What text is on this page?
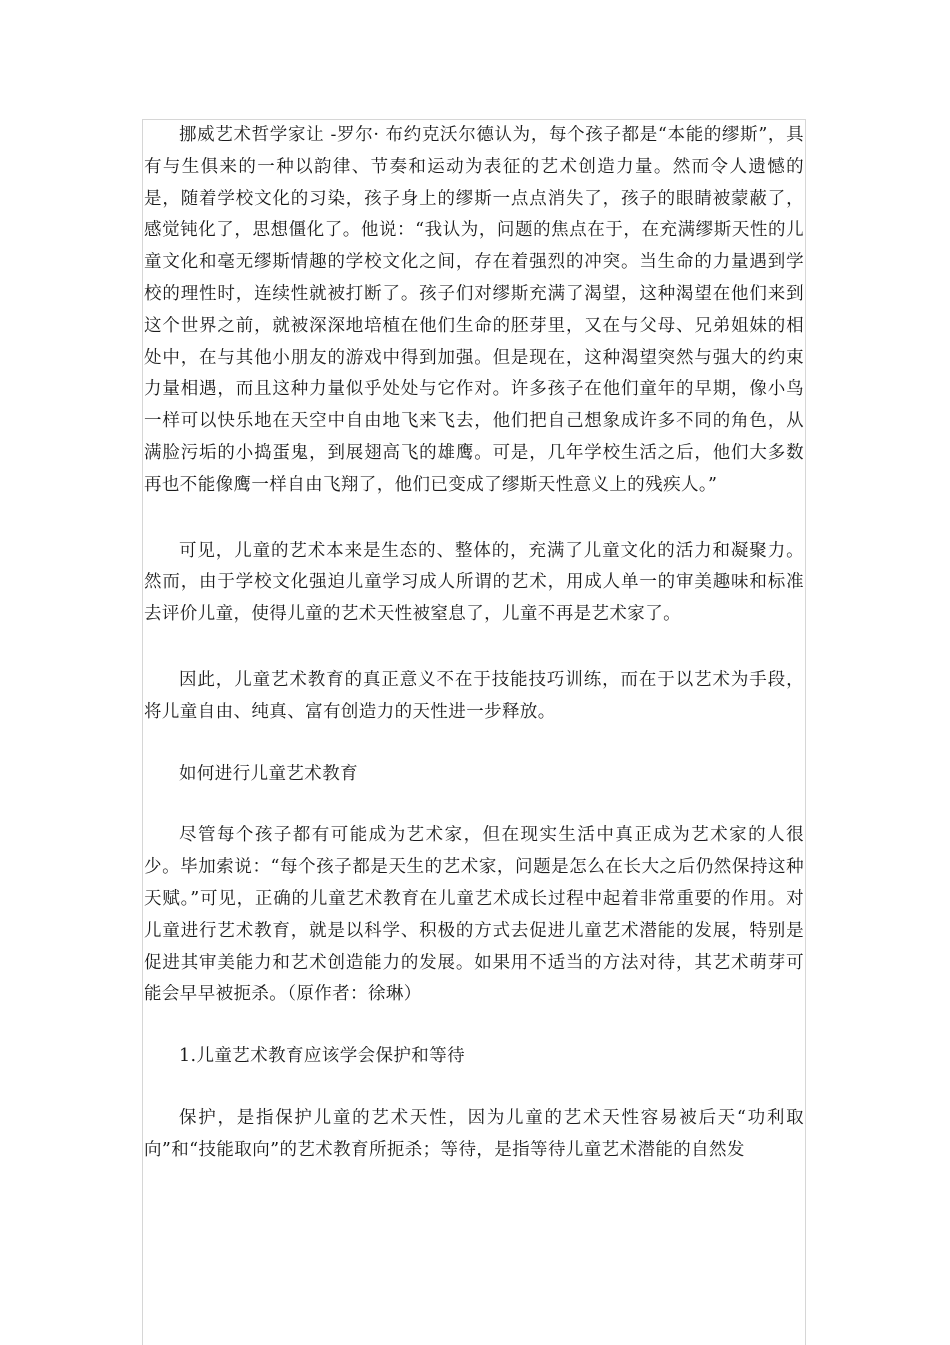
挪威艺术哲学家让 -罗尔· 布约克沃尔德认为，每个孩子都是“本能的缪斯”，具有与生俱来的一种以韵律、节奏和运动为表征的艺术创造力量。然而令人遗憾的是，随着学校文化的习染，孩子身上的缪斯一点点消失了，孩子的眼睛被蒙蔽了，感觉钝化了，思想僵化了。他说：“我认为，问题的焦点在于，在充满缪斯天性的儿童文化和毫无缪斯情趣的学校文化之间，存在着强烈的冲突。当生命的力量遇到学校的理性时，连续性就被打断了。孩子们对缪斯充满了渴望，这种渴望在他们来到这个世界之前，就被深深地培植在他们生命的胚芽里，又在与父母、兄弟姐妹的相处中，在与其他小朋友的游戏中得到加强。但是现在，这种渴望突然与强大的约束力量相遇，而且这种力量似乎处处与它作对。许多孩子在他们童年的早期，像小鸟一样可以快乐地在天空中自由地飞来飞去，他们把自己想象成许多不同的角色，从满脸污垢的小捣蛋鬼，到展翅高飞的雄鹰。可是，几年学校生活之后，他们大多数再也不能像鹰一样自由飞翔了，他们已变成了缪斯天性意义上的残疾人。”

可见，儿童的艺术本来是生态的、整体的，充满了儿童文化的活力和凝聚力。然而，由于学校文化强迫儿童学习成人所谓的艺术，用成人单一的审美趣味和标准去评价儿童，使得儿童的艺术天性被窒息了，儿童不再是艺术家了。

因此，儿童艺术教育的真正意义不在于技能技巧训练，而在于以艺术为手段，将儿童自由、纯真、富有创造力的天性进一步释放。

如何进行儿童艺术教育

尽管每个孩子都有可能成为艺术家，但在现实生活中真正成为艺术家的人很少。毕加索说：“每个孩子都是天生的艺术家，问题是怎么在长大之后仍然保持这种天赋。”可见，正确的儿童艺术教育在儿童艺术成长过程中起着非常重要的作用。对儿童进行艺术教育，就是以科学、积极的方式去促进儿童艺术潜能的发展，特别是促进其审美能力和艺术创造能力的发展。如果用不适当的方法对待，其艺术萌芽可能会早早被扼杀。（原作者：徐琳）

1.儿童艺术教育应该学会保护和等待

保护，是指保护儿童的艺术天性，因为儿童的艺术天性容易被后天“功利取向”和“技能取向”的艺术教育所扼杀；等待，是指等待儿童艺术潜能的自然发
